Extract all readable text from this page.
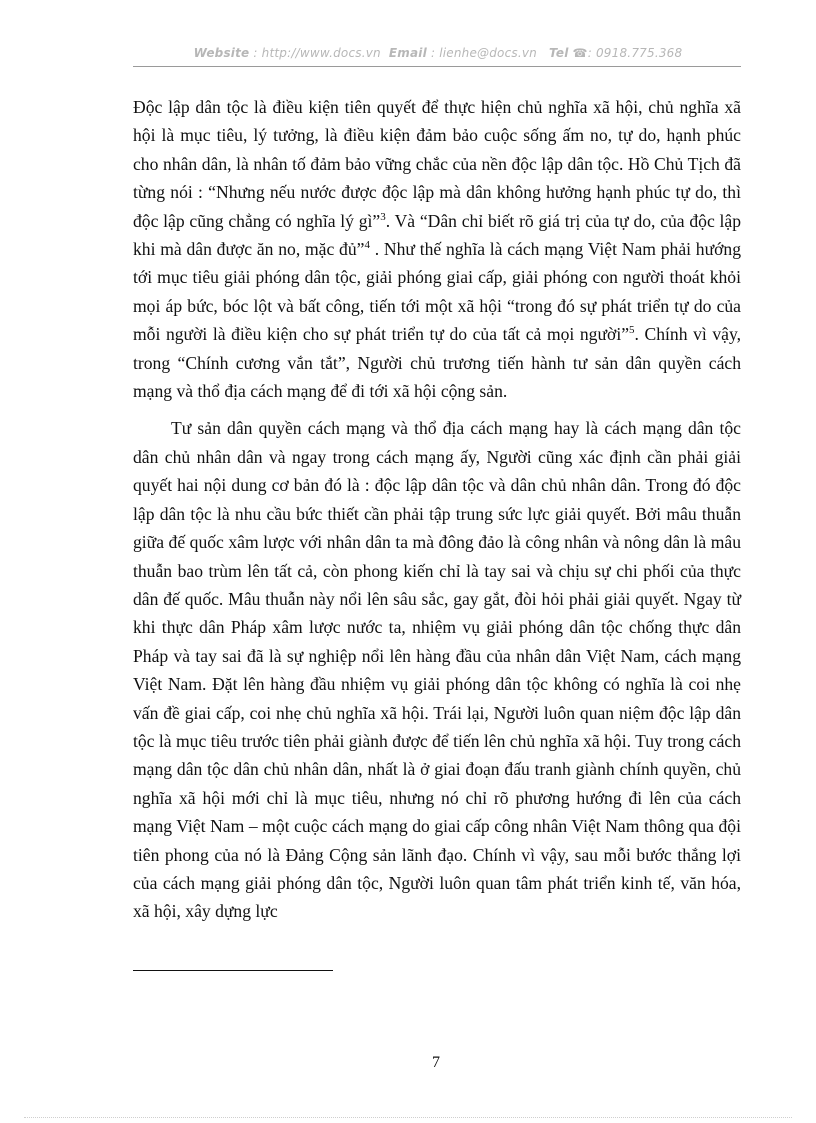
Website : http://www.docs.vn Email : lienhe@docs.vn Tel ☎: 0918.775.368

Độc lập dân tộc là điều kiện tiên quyết để thực hiện chủ nghĩa xã hội, chủ nghĩa xã hội là mục tiêu, lý tưởng, là điều kiện đảm bảo cuộc sống ấm no, tự do, hạnh phúc cho nhân dân, là nhân tố đảm bảo vững chắc của nền độc lập dân tộc. Hồ Chủ Tịch đã từng nói : “Nhưng nếu nước được độc lập mà dân không hưởng hạnh phúc tự do, thì độc lập cũng chẳng có nghĩa lý gì”$^3$. Và “Dân chỉ biết rõ giá trị của tự do, của độc lập khi mà dân được ăn no, mặc đủ”$^4$ . Như thế nghĩa là cách mạng Việt Nam phải hướng tới mục tiêu giải phóng dân tộc, giải phóng giai cấp, giải phóng con người thoát khỏi mọi áp bức, bóc lột và bất công, tiến tới một xã hội “trong đó sự phát triển tự do của mỗi người là điều kiện cho sự phát triển tự do của tất cả mọi người”$^5$. Chính vì vậy, trong “Chính cương vắn tắt”, Người chủ trương tiến hành tư sản dân quyền cách mạng và thổ địa cách mạng để đi tới xã hội cộng sản.

Tư sản dân quyền cách mạng và thổ địa cách mạng hay là cách mạng dân tộc dân chủ nhân dân và ngay trong cách mạng ấy, Người cũng xác định cần phải giải quyết hai nội dung cơ bản đó là : độc lập dân tộc và dân chủ nhân dân. Trong đó độc lập dân tộc là nhu cầu bức thiết cần phải tập trung sức lực giải quyết. Bởi mâu thuẫn giữa đế quốc xâm lược với nhân dân ta mà đông đảo là công nhân và nông dân là mâu thuẫn bao trùm lên tất cả, còn phong kiến chỉ là tay sai và chịu sự chi phối của thực dân đế quốc. Mâu thuẫn này nổi lên sâu sắc, gay gắt, đòi hỏi phải giải quyết. Ngay từ khi thực dân Pháp xâm lược nước ta, nhiệm vụ giải phóng dân tộc chống thực dân Pháp và tay sai đã là sự nghiệp nổi lên hàng đầu của nhân dân Việt Nam, cách mạng Việt Nam. Đặt lên hàng đầu nhiệm vụ giải phóng dân tộc không có nghĩa là coi nhẹ vấn đề giai cấp, coi nhẹ chủ nghĩa xã hội. Trái lại, Người luôn quan niệm độc lập dân tộc là mục tiêu trước tiên phải giành được để tiến lên chủ nghĩa xã hội. Tuy trong cách mạng dân tộc dân chủ nhân dân, nhất là ở giai đoạn đấu tranh giành chính quyền, chủ nghĩa xã hội mới chỉ là mục tiêu, nhưng nó chỉ rõ phương hướng đi lên của cách mạng Việt Nam – một cuộc cách mạng do giai cấp công nhân Việt Nam thông qua đội tiên phong của nó là Đảng Cộng sản lãnh đạo. Chính vì vậy, sau mỗi bước thắng lợi của cách mạng giải phóng dân tộc, Người luôn quan tâm phát triển kinh tế, văn hóa, xã hội, xây dựng lực

7
